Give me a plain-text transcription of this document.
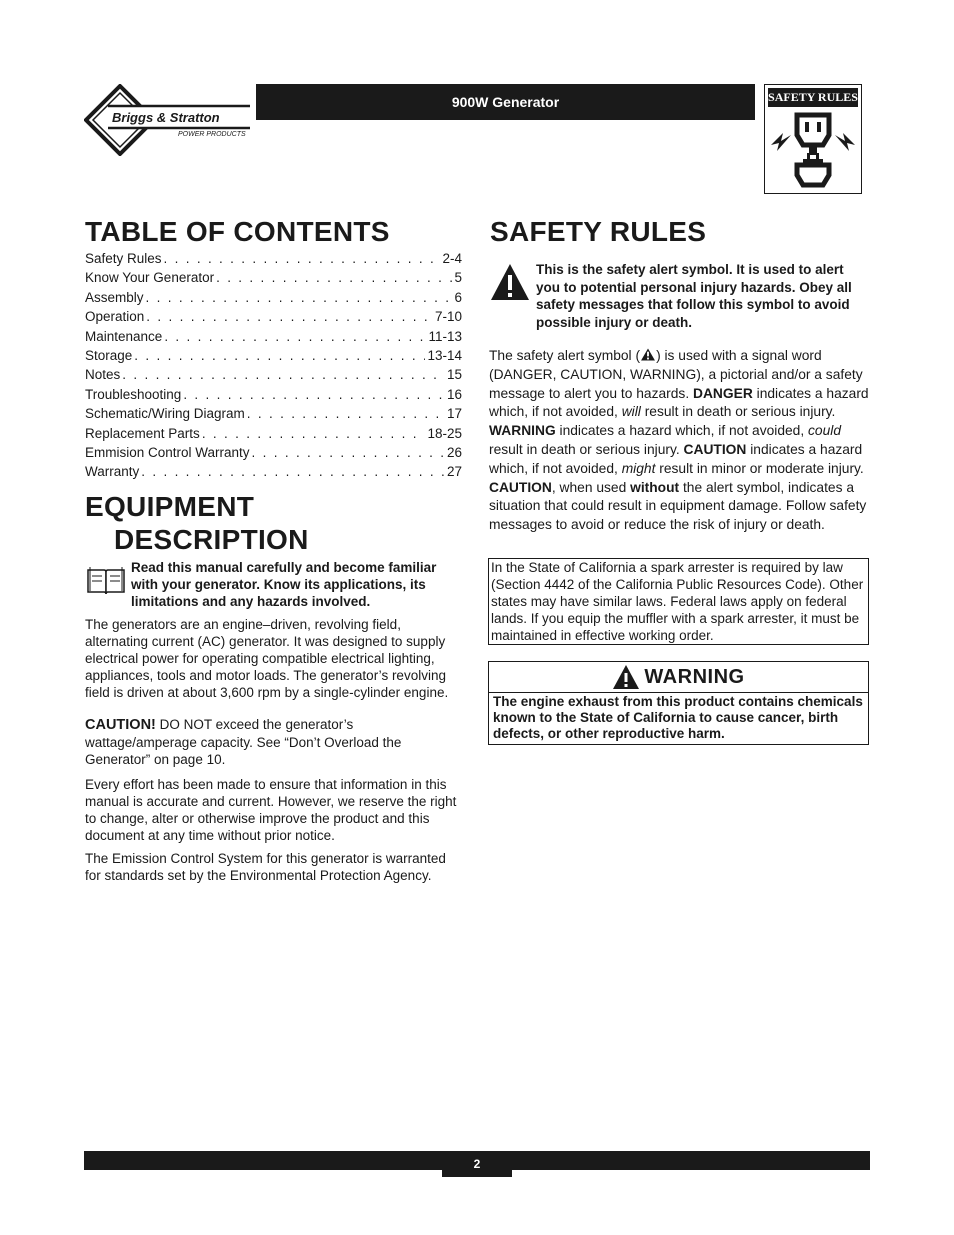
Briggs & Stratton
POWER PRODUCTS
900W Generator	SAFETY RULES
TABLE OF CONTENTS
Safety Rules . . .	2-4
Know Your Generator . . .	5
Assembly . . .	6
Operation . . .	7-10
Maintenance . . .	11-13
Storage . . .	13-14
Notes . . .	15
Troubleshooting . . .	16
Schematic/Wiring Diagram . . .	17
Replacement Parts . . .	18-25
Emmision Control Warranty . . .	26
Warranty . . .	27
EQUIPMENT
DESCRIPTION
Read this manual carefully and become familiar with your generator. Know its applications, its limitations and any hazards involved.
The generators are an engine–driven, revolving field, alternating current (AC) generator. It was designed to supply electrical power for operating compatible electrical lighting, appliances, tools and motor loads. The generator’s revolving field is driven at about 3,600 rpm by a single-cylinder engine.
CAUTION! DO NOT exceed the generator’s wattage/amperage capacity. See “Don’t Overload the Generator” on page 10.
Every effort has been made to ensure that information in this manual is accurate and current. However, we reserve the right to change, alter or otherwise improve the product and this document at any time without prior notice.
The Emission Control System for this generator is warranted for standards set by the Environmental Protection Agency.
SAFETY RULES
This is the safety alert symbol. It is used to alert you to potential personal injury hazards. Obey all safety messages that follow this symbol to avoid possible injury or death.
The safety alert symbol ( ) is used with a signal word (DANGER, CAUTION, WARNING), a pictorial and/or a safety message to alert you to hazards. DANGER indicates a hazard which, if not avoided, will result in death or serious injury. WARNING indicates a hazard which, if not avoided, could result in death or serious injury. CAUTION indicates a hazard which, if not avoided, might result in minor or moderate injury. CAUTION, when used without the alert symbol, indicates a situation that could result in equipment damage. Follow safety messages to avoid or reduce the risk of injury or death.
In the State of California a spark arrester is required by law (Section 4442 of the California Public Resources Code). Other states may have similar laws. Federal laws apply on federal lands. If you equip the muffler with a spark arrester, it must be maintained in effective working order.
WARNING
The engine exhaust from this product contains chemicals known to the State of California to cause cancer, birth defects, or other reproductive harm.
2
